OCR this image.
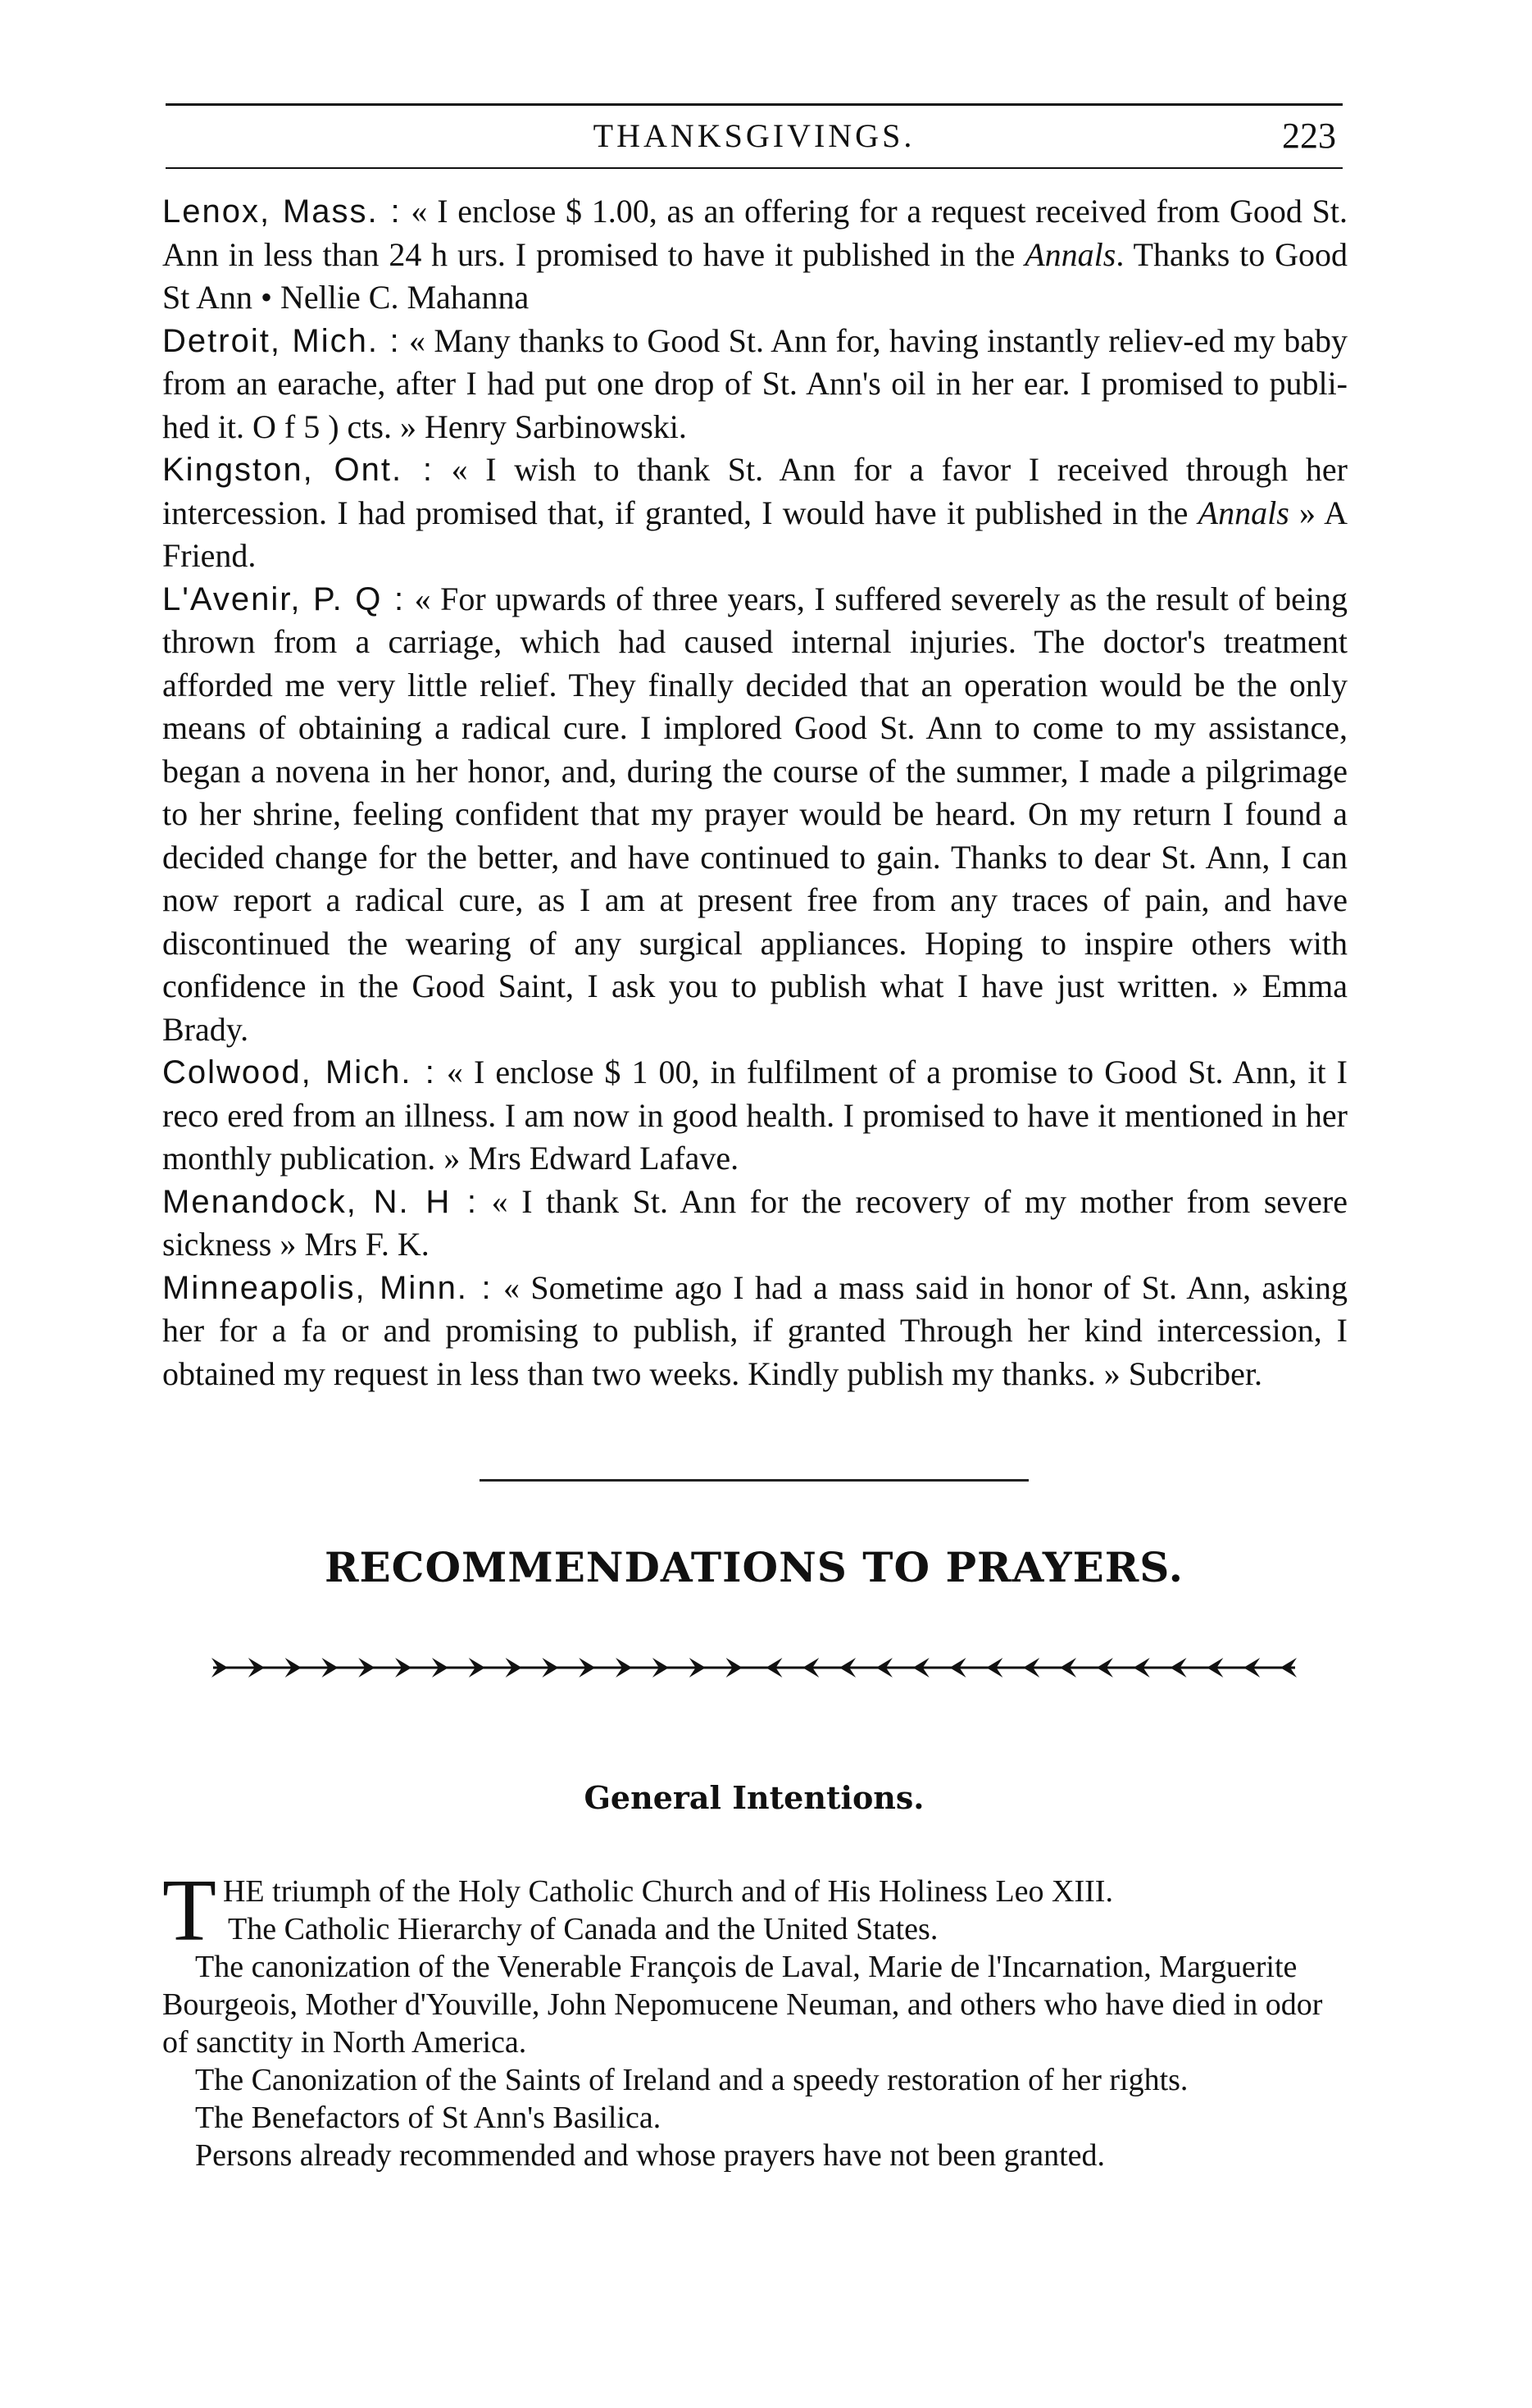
THANKSGIVINGS.	223

Lenox, Mass. : « I enclose $ 1.00, as an offering for a request received from Good St. Ann in less than 24 h urs. I promised to have it published in the Annals. Thanks to Good St Ann • Nellie C. Mahanna

Detroit, Mich. : « Many thanks to Good St. Ann for, having instantly reliev-ed my baby from an earache, after I had put one drop of St. Ann's oil in her ear. I promised to publi-hed it. O f 5 ) cts. » Henry Sarbinowski.

Kingston, Ont. : « I wish to thank St. Ann for a favor I received through her intercession. I had promised that, if granted, I would have it published in the Annals » A Friend.

L'Avenir, P. Q : « For upwards of three years, I suffered severely as the result of being thrown from a carriage, which had caused internal injuries. The doctor's treatment afforded me very little relief. They finally decided that an operation would be the only means of obtaining a radical cure. I implored Good St. Ann to come to my assistance, began a novena in her honor, and, during the course of the summer, I made a pilgrimage to her shrine, feeling confident that my prayer would be heard. On my return I found a decided change for the better, and have continued to gain. Thanks to dear St. Ann, I can now report a radical cure, as I am at present free from any traces of pain, and have discontinued the wearing of any surgical appliances. Hoping to inspire others with confidence in the Good Saint, I ask you to publish what I have just written. » Emma Brady.

Colwood, Mich. : « I enclose $ 1 00, in fulfilment of a promise to Good St. Ann, it I reco ered from an illness. I am now in good health. I promised to have it mentioned in her monthly publication. » Mrs Edward Lafave.

Menandock, N. H : « I thank St. Ann for the recovery of my mother from severe sickness » Mrs F. K.

Minneapolis, Minn. : « Sometime ago I had a mass said in honor of St. Ann, asking her for a fa or and promising to publish, if granted Through her kind intercession, I obtained my request in less than two weeks. Kindly publish my thanks. » Subcriber.

RECOMMENDATIONS TO PRAYERS.
General Intentions.

THE triumph of the Holy Catholic Church and of His Holiness Leo XIII.

The Catholic Hierarchy of Canada and the United States.

The canonization of the Venerable François de Laval, Marie de l'Incarnation, Marguerite Bourgeois, Mother d'Youville, John Nepomucene Neuman, and others who have died in odor of sanctity in North America.

The Canonization of the Saints of Ireland and a speedy restoration of her rights.

The Benefactors of St Ann's Basilica.

Persons already recommended and whose prayers have not been granted.
